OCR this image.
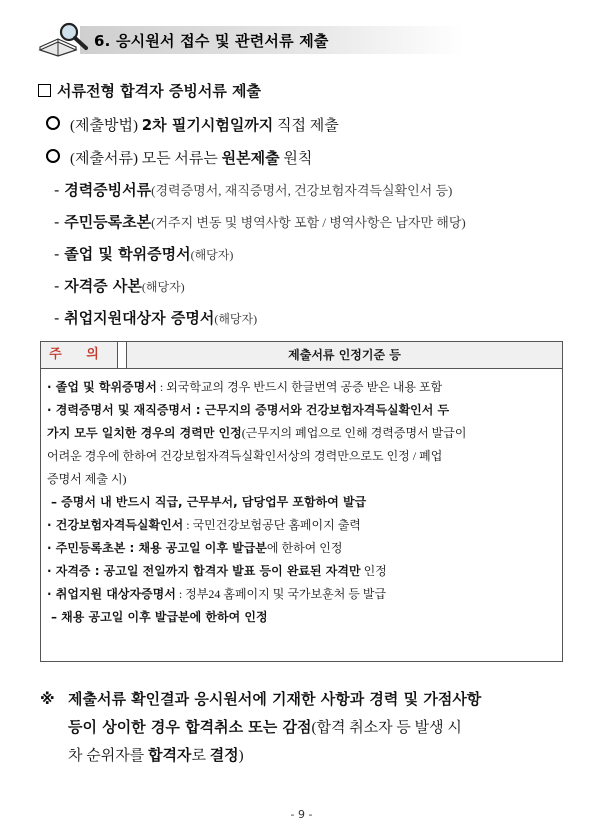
6. 응시원서 접수 및 관련서류 제출
서류전형 합격자 증빙서류 제출
(제출방법) 2차 필기시험일까지 직접 제출
(제출서류) 모든 서류는 원본제출 원칙
- 경력증빙서류(경력증명서, 재직증명서, 건강보험자격득실확인서 등)
- 주민등록초본(거주지 변동 및 병역사항 포함 / 병역사항은 남자만 해당)
- 졸업 및 학위증명서(해당자)
- 자격증 사본(해당자)
- 취업지원대상자 증명서(해당자)
주 의	제출서류 인정기준 등
· 졸업 및 학위증명서 : 외국학교의 경우 반드시 한글번역 공증 받은 내용 포함
· 경력증명서 및 재직증명서 : 근무지의 증명서와 건강보험자격득실확인서 두
가지 모두 일치한 경우의 경력만 인정(근무지의 폐업으로 인해 경력증명서 발급이
어려운 경우에 한하여 건강보험자격득실확인서상의 경력만으로도 인정 / 폐업
증명서 제출 시)
– 증명서 내 반드시 직급, 근무부서, 담당업무 포함하여 발급
· 건강보험자격득실확인서 : 국민건강보험공단 홈페이지 출력
· 주민등록초본 : 채용 공고일 이후 발급분에 한하여 인정
· 자격증 : 공고일 전일까지 합격자 발표 등이 완료된 자격만 인정
· 취업지원 대상자증명서 : 정부24 홈페이지 및 국가보훈처 등 발급
– 채용 공고일 이후 발급분에 한하여 인정
※ 제출서류 확인결과 응시원서에 기재한 사항과 경력 및 가점사항
등이 상이한 경우 합격취소 또는 감점(합격 취소자 등 발생 시
차 순위자를 합격자로 결정)
- 9 -
